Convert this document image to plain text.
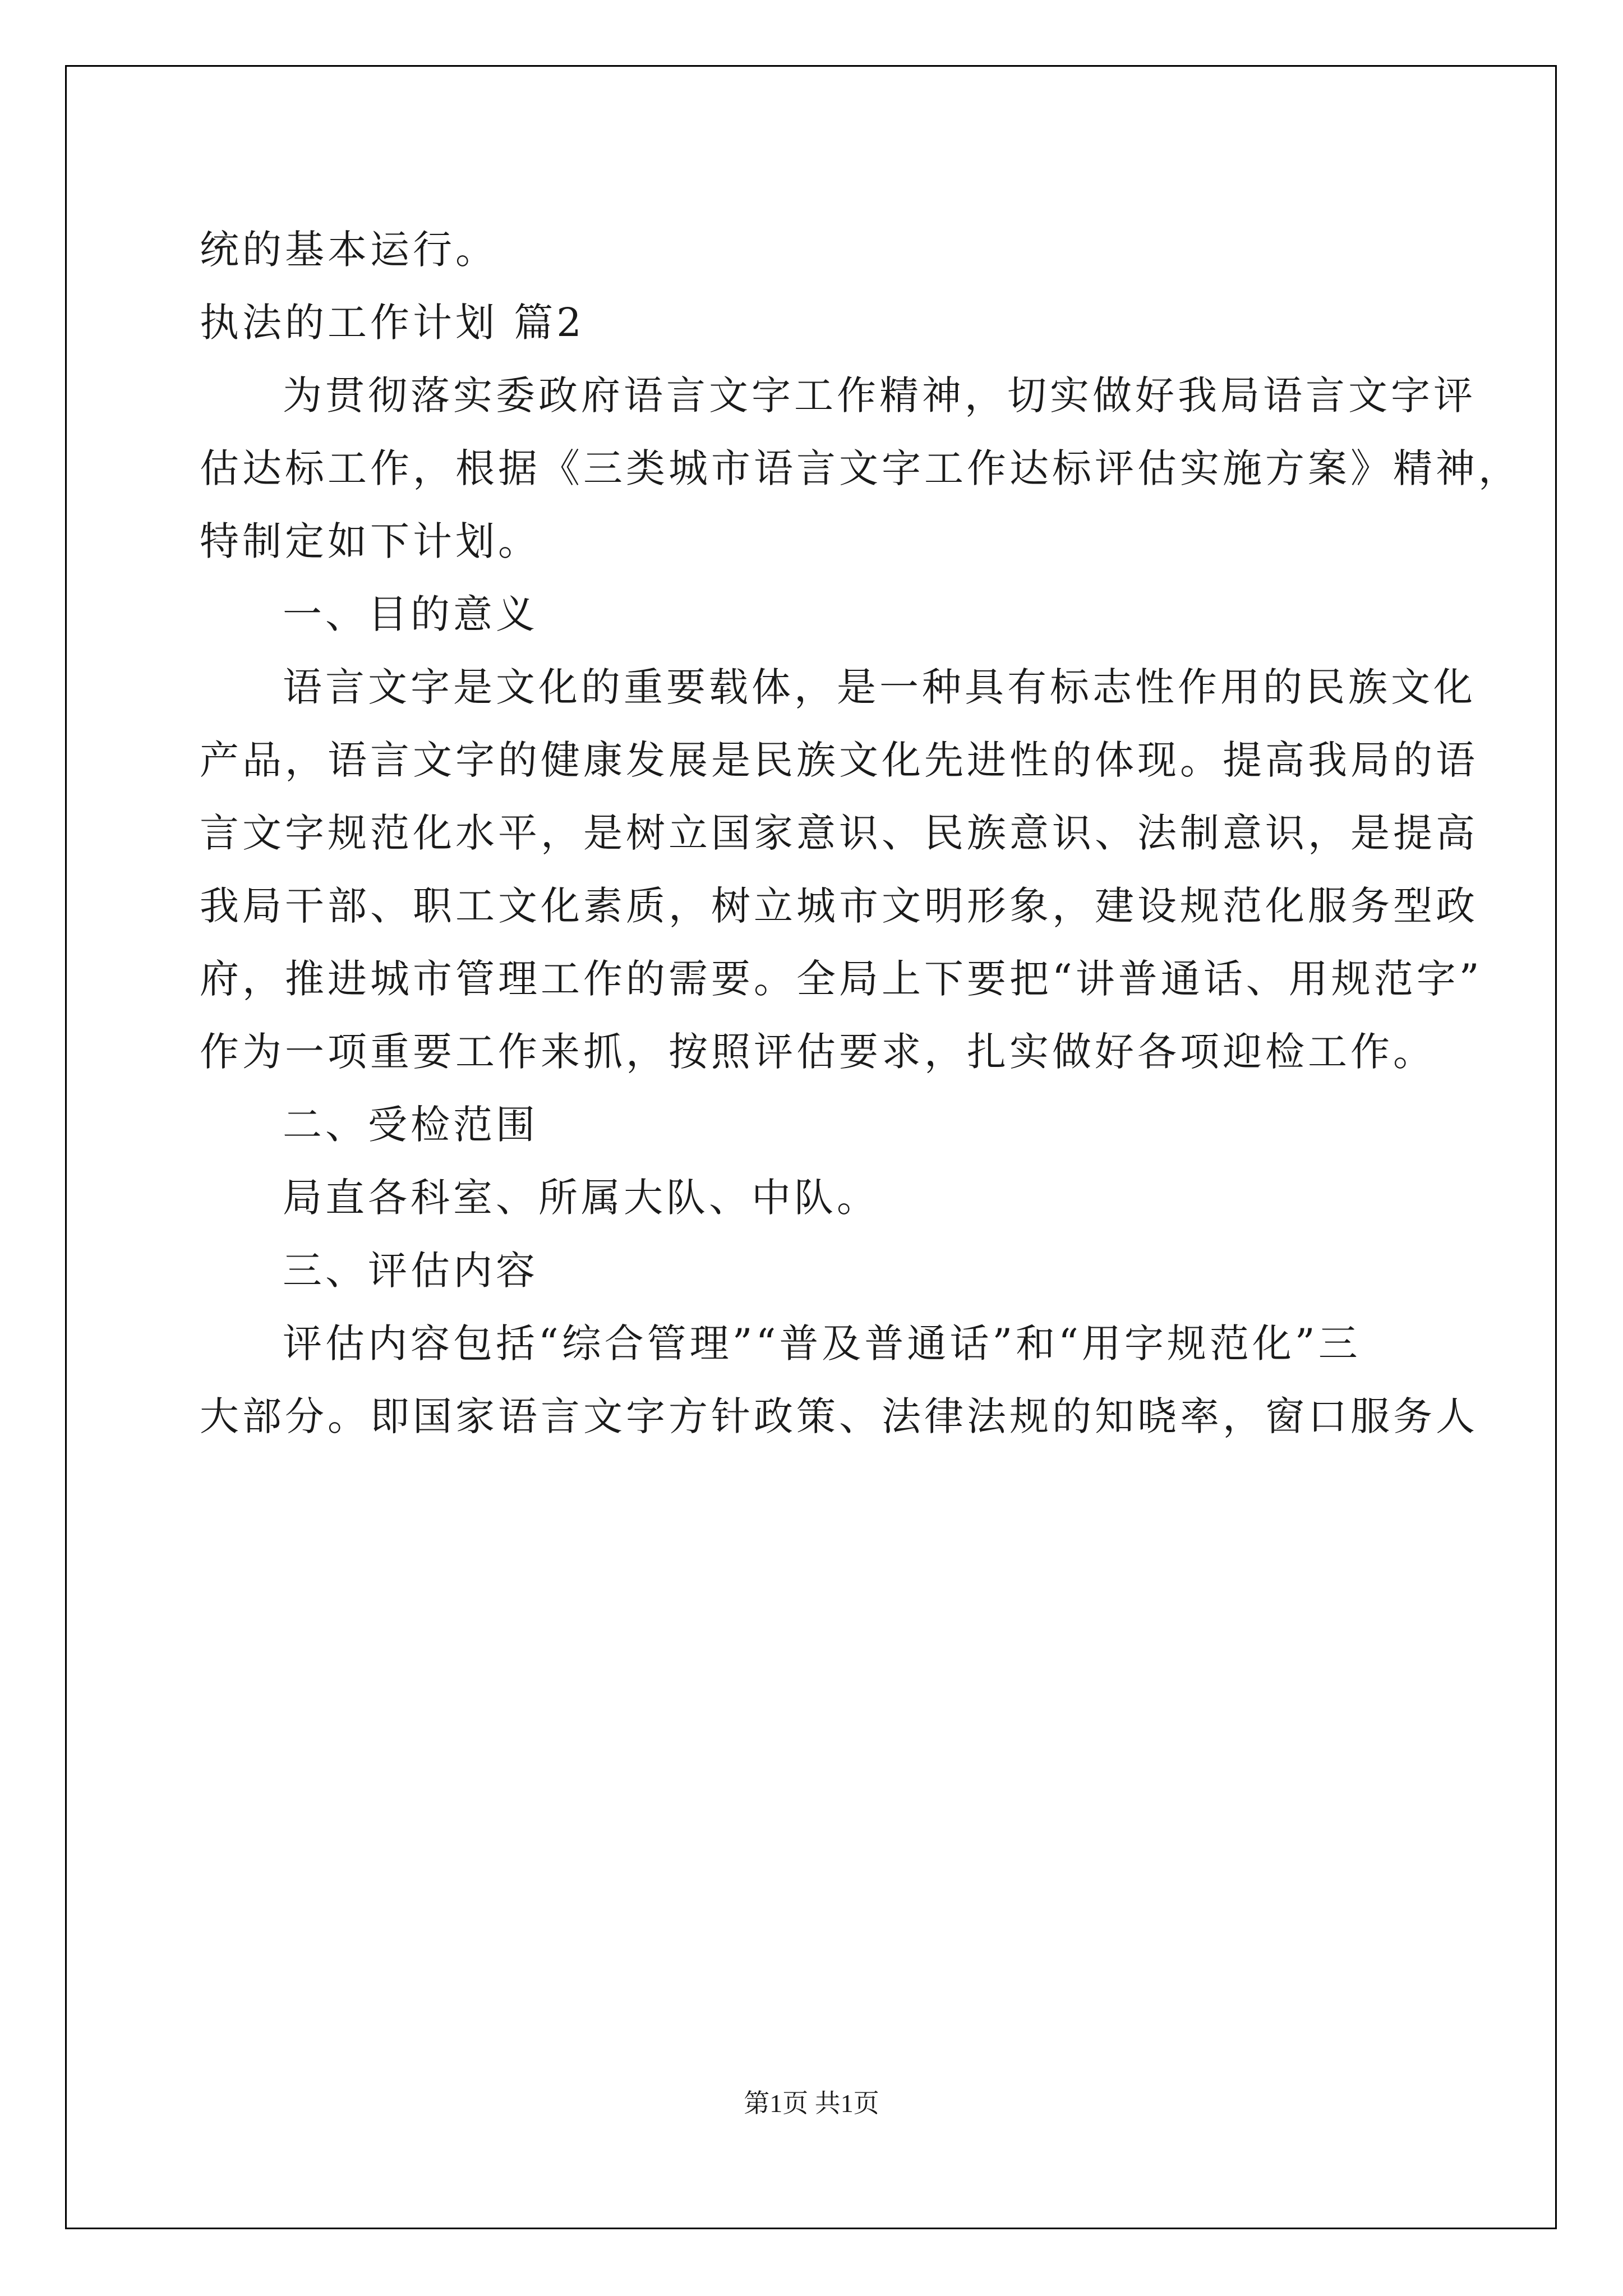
统的基本运行。
执法的工作计划 篇2
为贯彻落实委政府语言文字工作精神，切实做好我局语言文字评
估达标工作，根据《三类城市语言文字工作达标评估实施方案》精神，
特制定如下计划。
一、目的意义
语言文字是文化的重要载体，是一种具有标志性作用的民族文化
产品，语言文字的健康发展是民族文化先进性的体现。提高我局的语
言文字规范化水平，是树立国家意识、民族意识、法制意识，是提高
我局干部、职工文化素质，树立城市文明形象，建设规范化服务型政
府，推进城市管理工作的需要。全局上下要把“讲普通话、用规范字”
作为一项重要工作来抓，按照评估要求，扎实做好各项迎检工作。
二、受检范围
局直各科室、所属大队、中队。
三、评估内容
评估内容包括“综合管理”“普及普通话”和“用字规范化”三
大部分。即国家语言文字方针政策、法律法规的知晓率，窗口服务人
第1页 共1页
